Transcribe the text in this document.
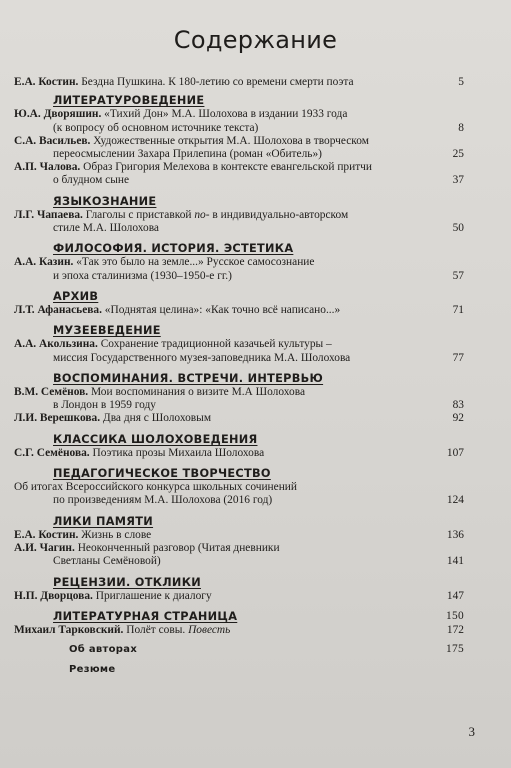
Содержание
Е.А. Костин. Бездна Пушкина. К 180-летию со времени смерти поэта	5
ЛИТЕРАТУРОВЕДЕНИЕ
Ю.А. Дворяшин. «Тихий Дон» М.А. Шолохова в издании 1933 года
(к вопросу об основном источнике текста)	8
С.А. Васильев. Художественные открытия М.А. Шолохова в творческом
переосмыслении Захара Прилепина (роман «Обитель»)	25
А.П. Чалова. Образ Григория Мелехова в контексте евангельской притчи
о блудном сыне	37
ЯЗЫКОЗНАНИЕ
Л.Г. Чапаева. Глаголы с приставкой по- в индивидуально-авторском
стиле М.А. Шолохова	50
ФИЛОСОФИЯ. ИСТОРИЯ. ЭСТЕТИКА
А.А. Казин. «Так это было на земле...» Русское самосознание
и эпоха сталинизма (1930–1950-е гг.)	57
АРХИВ
Л.Т. Афанасьева. «Поднятая целина»: «Как точно всё написано...»	71
МУЗЕЕВЕДЕНИЕ
А.А. Акользина. Сохранение традиционной казачьей культуры –
миссия Государственного музея-заповедника М.А. Шолохова	77
ВОСПОМИНАНИЯ. ВСТРЕЧИ. ИНТЕРВЬЮ
В.М. Семёнов. Мои воспоминания о визите М.А Шолохова
в Лондон в 1959 году	83
Л.И. Верешкова. Два дня с Шолоховым	92
КЛАССИКА ШОЛОХОВЕДЕНИЯ
С.Г. Семёнова. Поэтика прозы Михаила Шолохова	107
ПЕДАГОГИЧЕСКОЕ ТВОРЧЕСТВО
Об итогах Всероссийского конкурса школьных сочинений
по произведениям М.А. Шолохова (2016 год)	124
ЛИКИ ПАМЯТИ
Е.А. Костин. Жизнь в слове	136
А.И. Чагин. Неоконченный разговор (Читая дневники
Светланы Семёновой)	141
РЕЦЕНЗИИ. ОТКЛИКИ
Н.П. Дворцова. Приглашение к диалогу	147
ЛИТЕРАТУРНАЯ СТРАНИЦА	150
Михаил Тарковский. Полёт совы. Повесть	172
Об авторах	175
Резюме
3
